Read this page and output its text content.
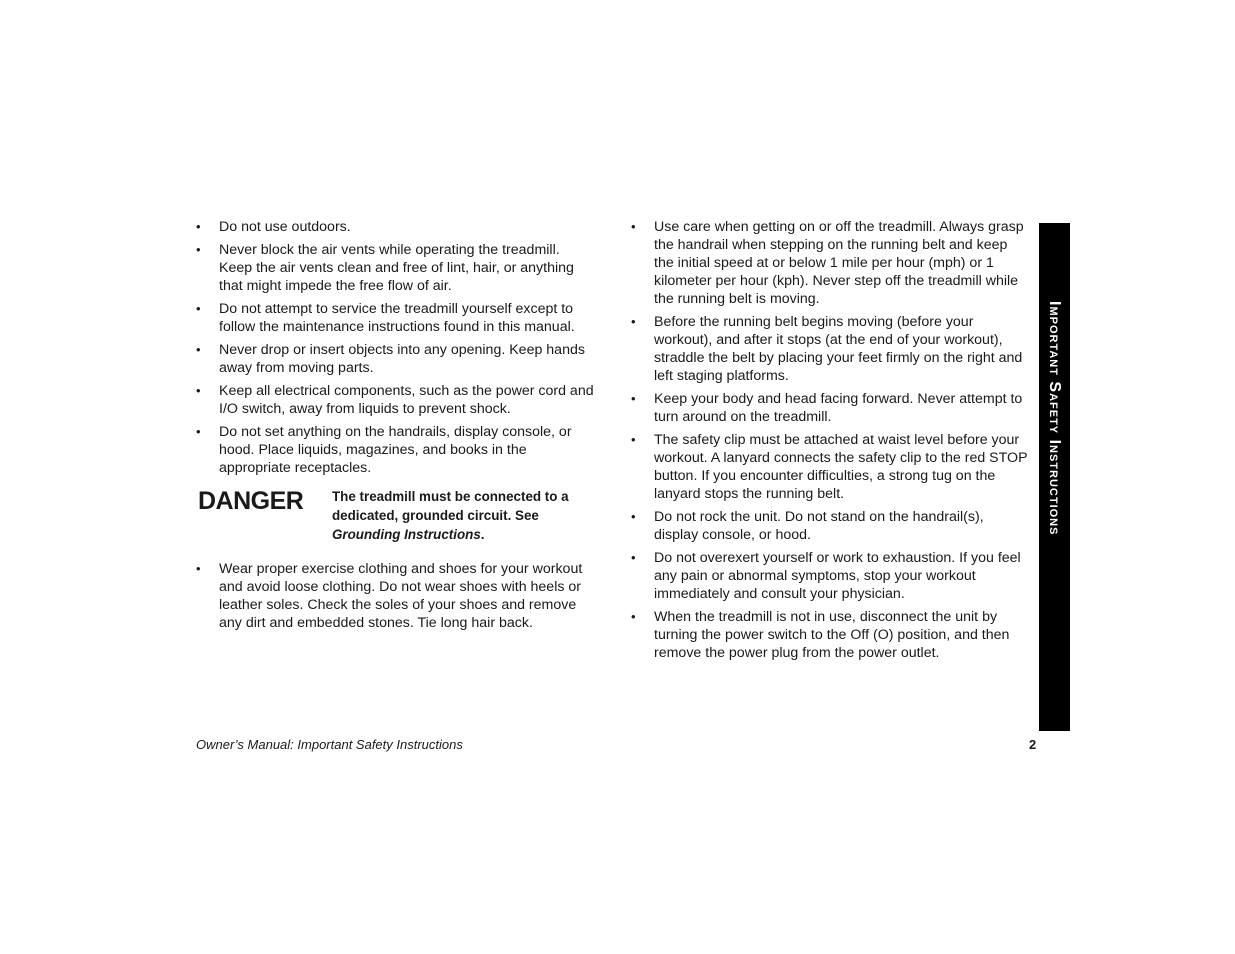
• Do not use outdoors.
• Never block the air vents while operating the treadmill. Keep the air vents clean and free of lint, hair, or anything that might impede the free flow of air.
• Do not attempt to service the treadmill yourself except to follow the maintenance instructions found in this manual.
• Never drop or insert objects into any opening. Keep hands away from moving parts.
• Keep all electrical components, such as the power cord and I/O switch, away from liquids to prevent shock.
• Do not set anything on the handrails, display console, or hood. Place liquids, magazines, and books in the appropriate receptacles.
DANGER	The treadmill must be connected to a dedicated, grounded circuit. See Grounding Instructions.
• Wear proper exercise clothing and shoes for your workout and avoid loose clothing. Do not wear shoes with heels or leather soles. Check the soles of your shoes and remove any dirt and embedded stones. Tie long hair back.
• Use care when getting on or off the treadmill. Always grasp the handrail when stepping on the running belt and keep the initial speed at or below 1 mile per hour (mph) or 1 kilometer per hour (kph). Never step off the treadmill while the running belt is moving.
• Before the running belt begins moving (before your workout), and after it stops (at the end of your workout), straddle the belt by placing your feet firmly on the right and left staging platforms.
• Keep your body and head facing forward. Never attempt to turn around on the treadmill.
• The safety clip must be attached at waist level before your workout. A lanyard connects the safety clip to the red STOP button. If you encounter difficulties, a strong tug on the lanyard stops the running belt.
• Do not rock the unit. Do not stand on the handrail(s), display console, or hood.
• Do not overexert yourself or work to exhaustion. If you feel any pain or abnormal symptoms, stop your workout immediately and consult your physician.
• When the treadmill is not in use, disconnect the unit by turning the power switch to the Off (O) position, and then remove the power plug from the power outlet.
Important Safety Instructions
Owner’s Manual: Important Safety Instructions	2
